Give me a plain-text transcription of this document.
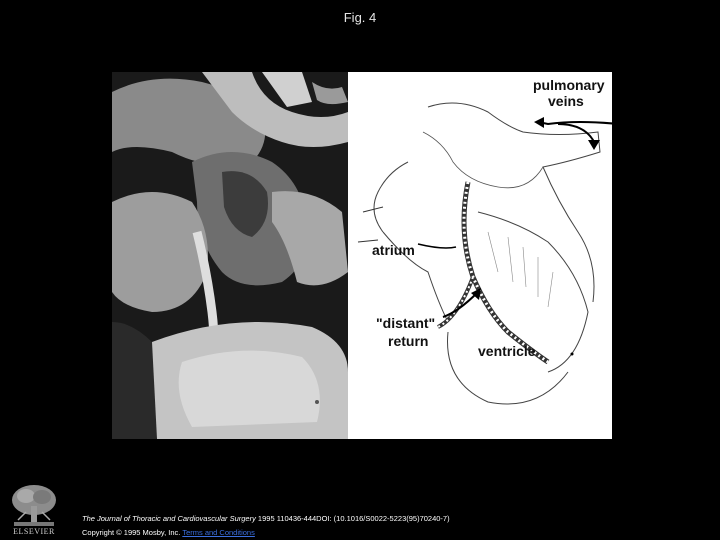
Fig. 4
pulmonary
veins
atrium
"distant"
return
ventricle
ELSEVIER
The Journal of Thoracic and Cardiovascular Surgery 1995 110436-444DOI: (10.1016/S0022-5223(95)70240-7)
Copyright © 1995 Mosby, Inc. Terms and Conditions
